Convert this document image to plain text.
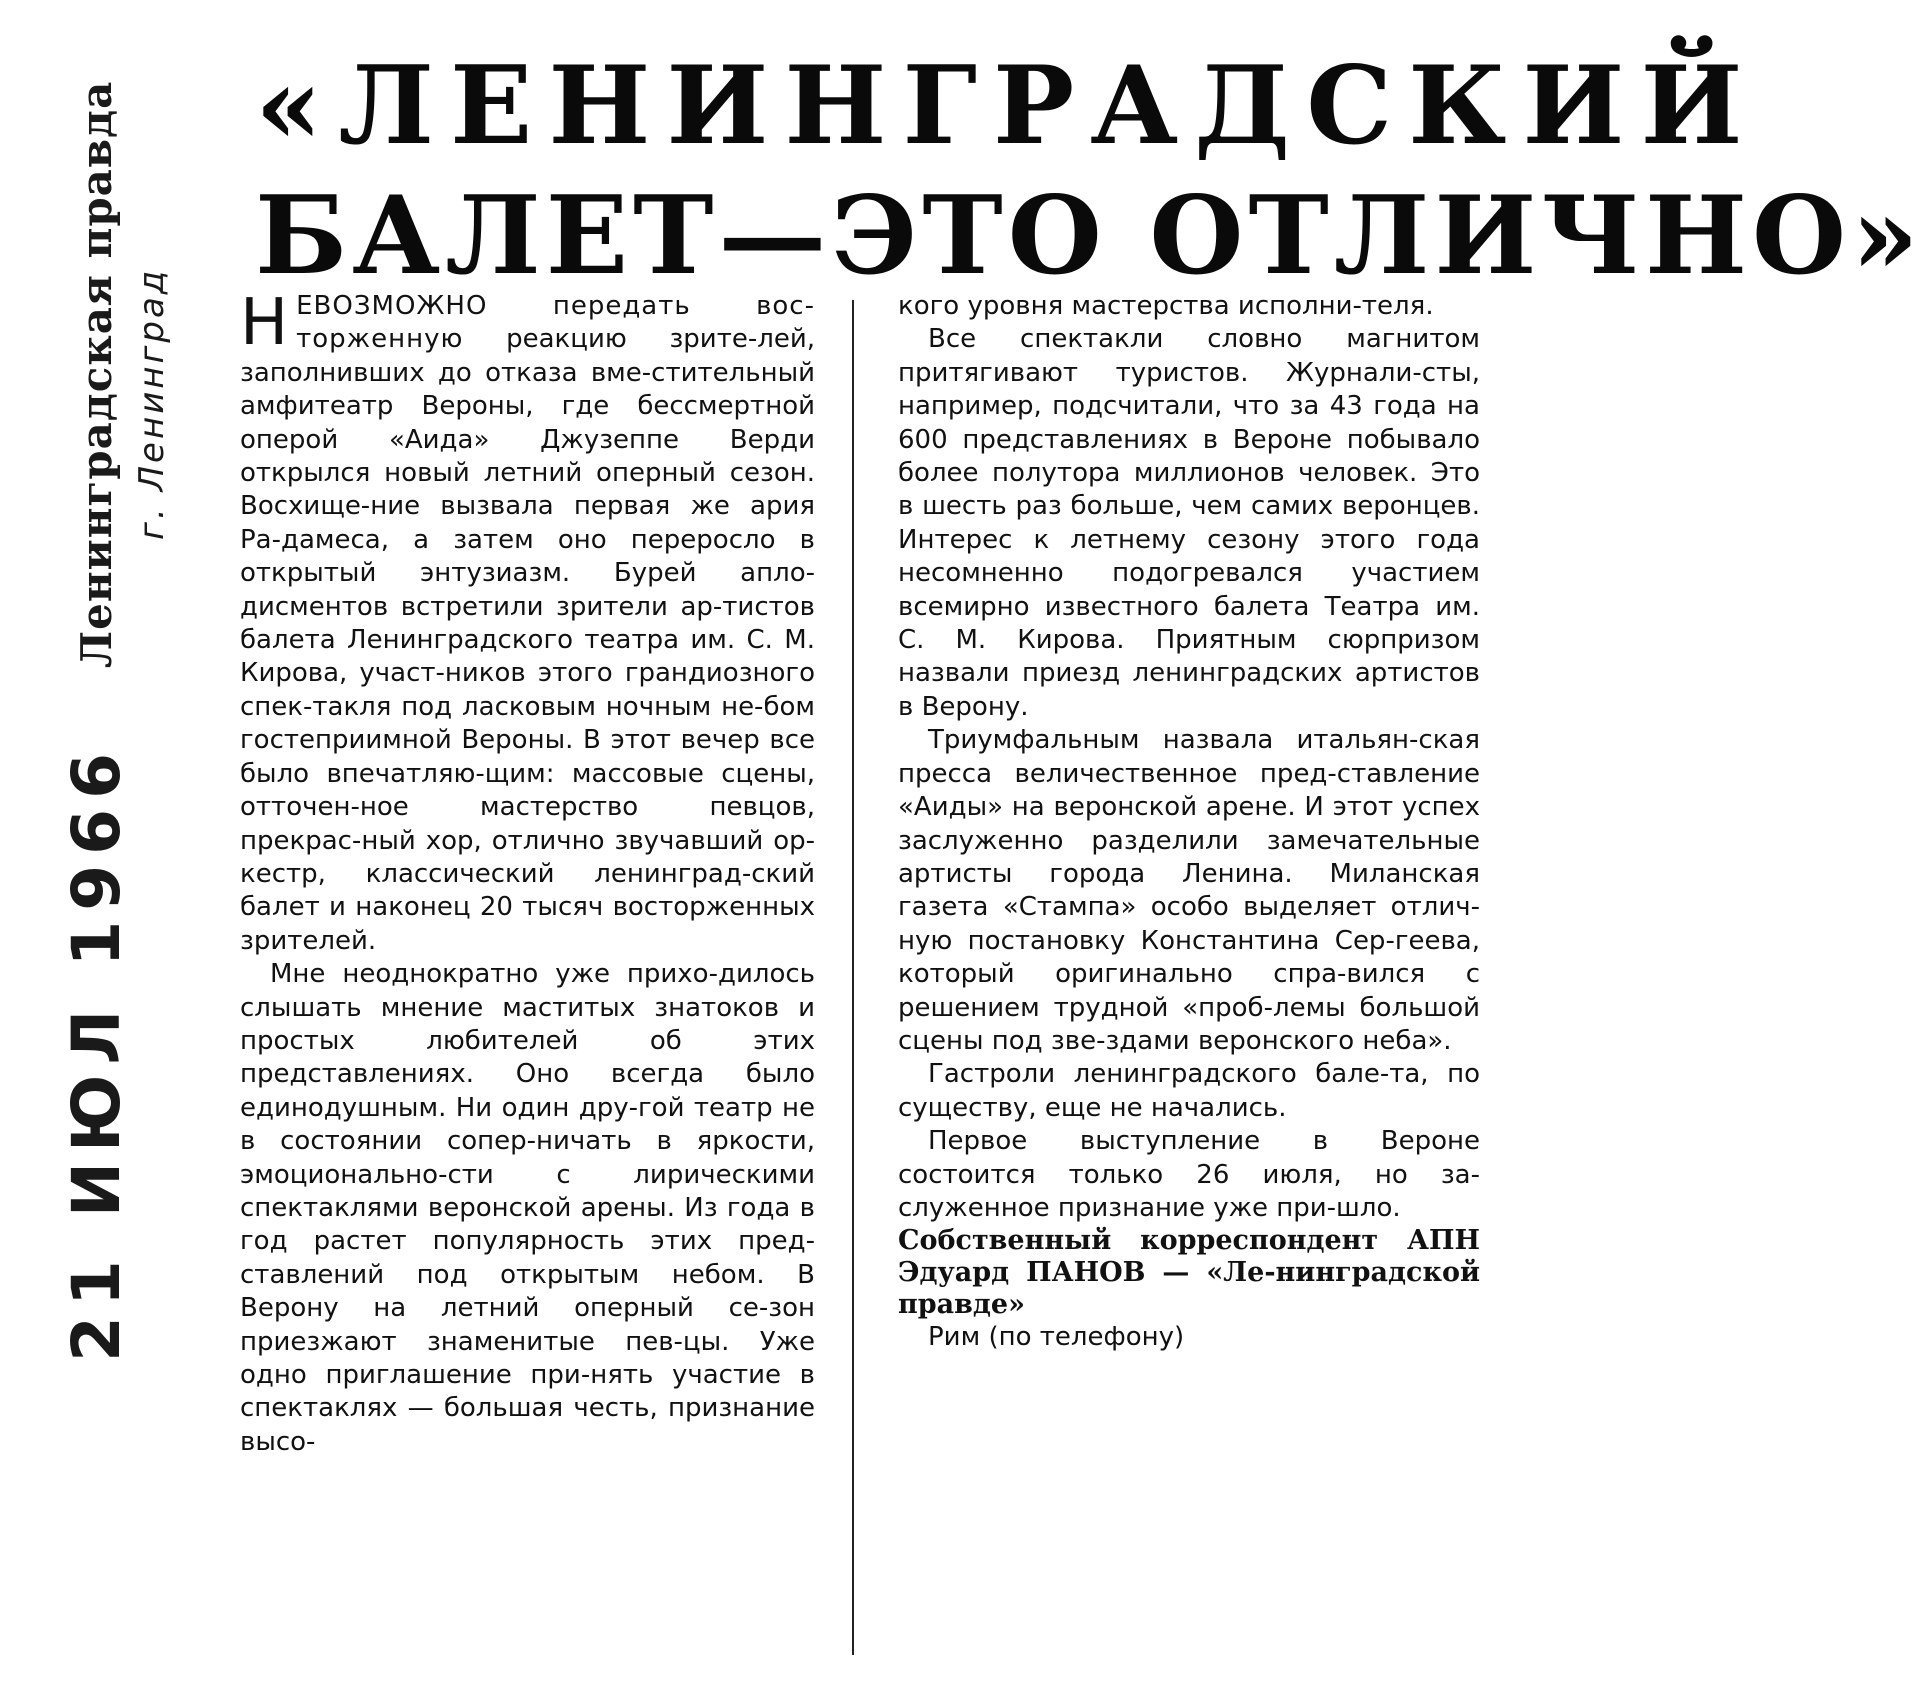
Ленинградская правда г. Ленинград
21 ИЮЛ 1966
«ЛЕНИНГРАДСКИЙ
БАЛЕТ—ЭТО ОТЛИЧНО»

Н ЕВОЗМОЖНО передать вос-торженную реакцию зрите-лей, заполнивших до отказа вме-стительный амфитеатр Вероны, где бессмертной оперой «Аида» Джузеппе Верди открылся новый летний оперный сезон. Восхище-ние вызвала первая же ария Ра-дамеса, а затем оно переросло в открытый энтузиазм. Бурей апло-дисментов встретили зрители ар-тистов балета Ленинградского театра им. С. М. Кирова, участ-ников этого грандиозного спек-такля под ласковым ночным не-бом гостеприимной Вероны. В этот вечер все было впечатляю-щим: массовые сцены, отточен-ное мастерство певцов, прекрас-ный хор, отлично звучавший ор-кестр, классический ленинград-ский балет и наконец 20 тысяч восторженных зрителей.

Мне неоднократно уже прихо-дилось слышать мнение маститых знатоков и простых любителей об этих представлениях. Оно всегда было единодушным. Ни один дру-гой театр не в состоянии сопер-ничать в яркости, эмоционально-сти с лирическими спектаклями веронской арены. Из года в год растет популярность этих пред-ставлений под открытым небом. В Верону на летний оперный се-зон приезжают знаменитые пев-цы. Уже одно приглашение при-нять участие в спектаклях — большая честь, признание высо-

кого уровня мастерства исполни-теля.

Все спектакли словно магнитом притягивают туристов. Журнали-сты, например, подсчитали, что за 43 года на 600 представлениях в Вероне побывало более полутора миллионов человек. Это в шесть раз больше, чем самих веронцев. Интерес к летнему сезону этого года несомненно подогревался участием всемирно известного балета Театра им. С. М. Кирова. Приятным сюрпризом назвали приезд ленинградских артистов в Верону.

Триумфальным назвала итальян-ская пресса величественное пред-ставление «Аиды» на веронской арене. И этот успех заслуженно разделили замечательные артисты города Ленина. Миланская газета «Стампа» особо выделяет отлич-ную постановку Константина Сер-геева, который оригинально спра-вился с решением трудной «проб-лемы большой сцены под зве-здами веронского неба».

Гастроли ленинградского бале-та, по существу, еще не начались.

Первое выступление в Вероне состоится только 26 июля, но за-служенное признание уже при-шло.

Собственный корреспондент АПН Эдуард ПАНОВ — «Ле-нинградской правде»

Рим (по телефону)
